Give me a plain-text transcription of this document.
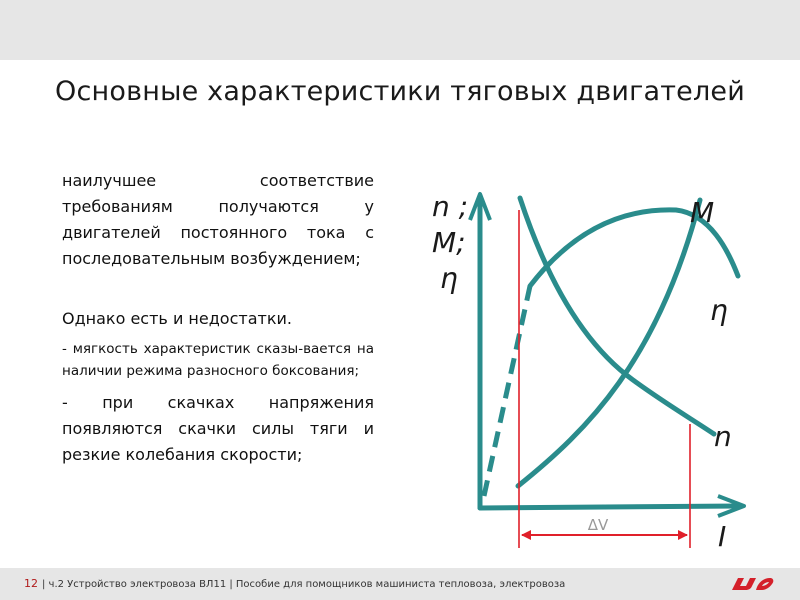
Основные характеристики тяговых двигателей

наилучшее соответствие требованиям получаются у двигателей постоянного тока с последовательным возбуждением;

Однако есть и недостатки.

- мягкость характеристик сказы-вается на наличии режима разносного боксования;

- при скачках напряжения появляются скачки силы тяги и резкие колебания скорости;

ΔV
n ;
M;
η
M
η
n
I
12 | ч.2 Устройство электровоза ВЛ11 | Пособие для помощников машиниста тепловоза, электровоза
